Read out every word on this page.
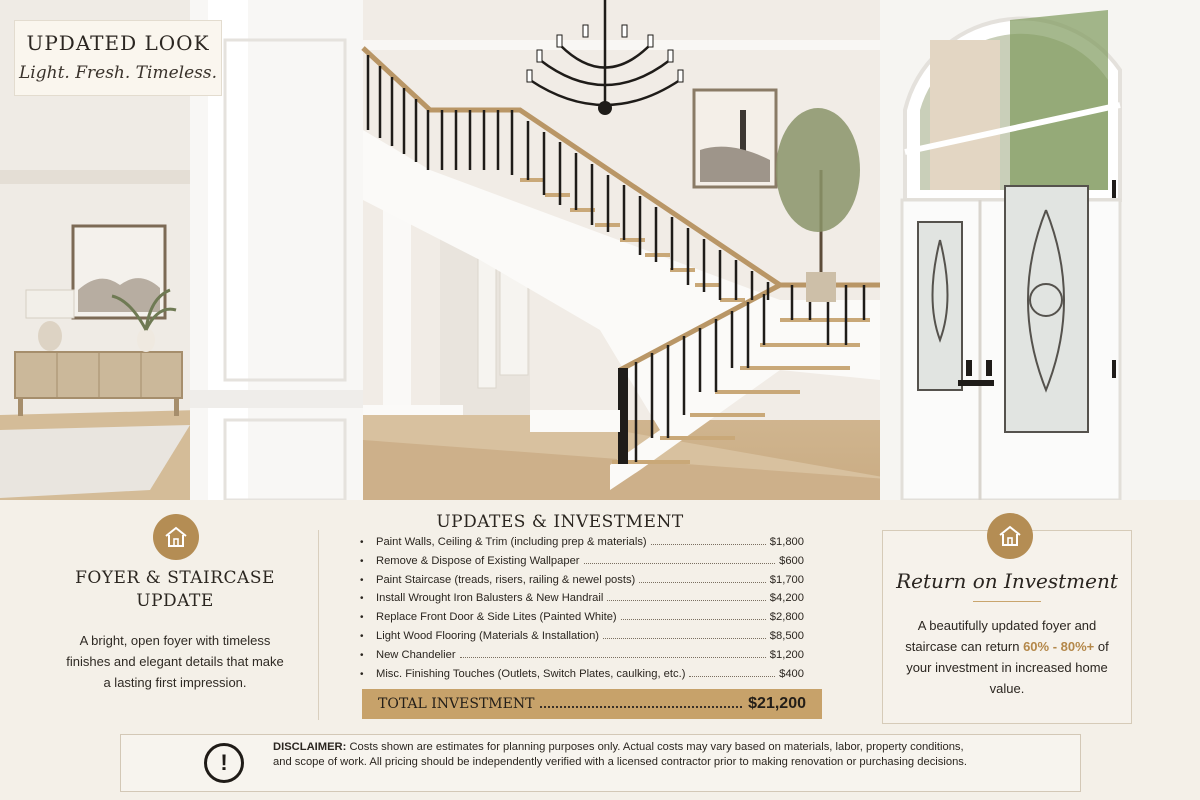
UPDATED LOOK
Light. Fresh. Timeless.
FOYER & STAIRCASE
UPDATE
A bright, open foyer with timeless finishes and elegant details that make a lasting first impression.
UPDATES & INVESTMENT
•	Paint Walls, Ceiling & Trim (including prep & materials)	$1,800
•	Remove & Dispose of Existing Wallpaper	$600
•	Paint Staircase (treads, risers, railing & newel posts)	$1,700
•	Install Wrought Iron Balusters & New Handrail	$4,200
•	Replace Front Door & Side Lites (Painted White)	$2,800
•	Light Wood Flooring (Materials & Installation)	$8,500
•	New Chandelier	$1,200
•	Misc. Finishing Touches (Outlets, Switch Plates, caulking, etc.)	$400
TOTAL INVESTMENT	$21,200
Return on Investment
A beautifully updated foyer and staircase can return 60% - 80%+ of your investment in increased home value.
!
DISCLAIMER: Costs shown are estimates for planning purposes only. Actual costs may vary based on materials, labor, property conditions, and scope of work. All pricing should be independently verified with a licensed contractor prior to making renovation or purchasing decisions.
